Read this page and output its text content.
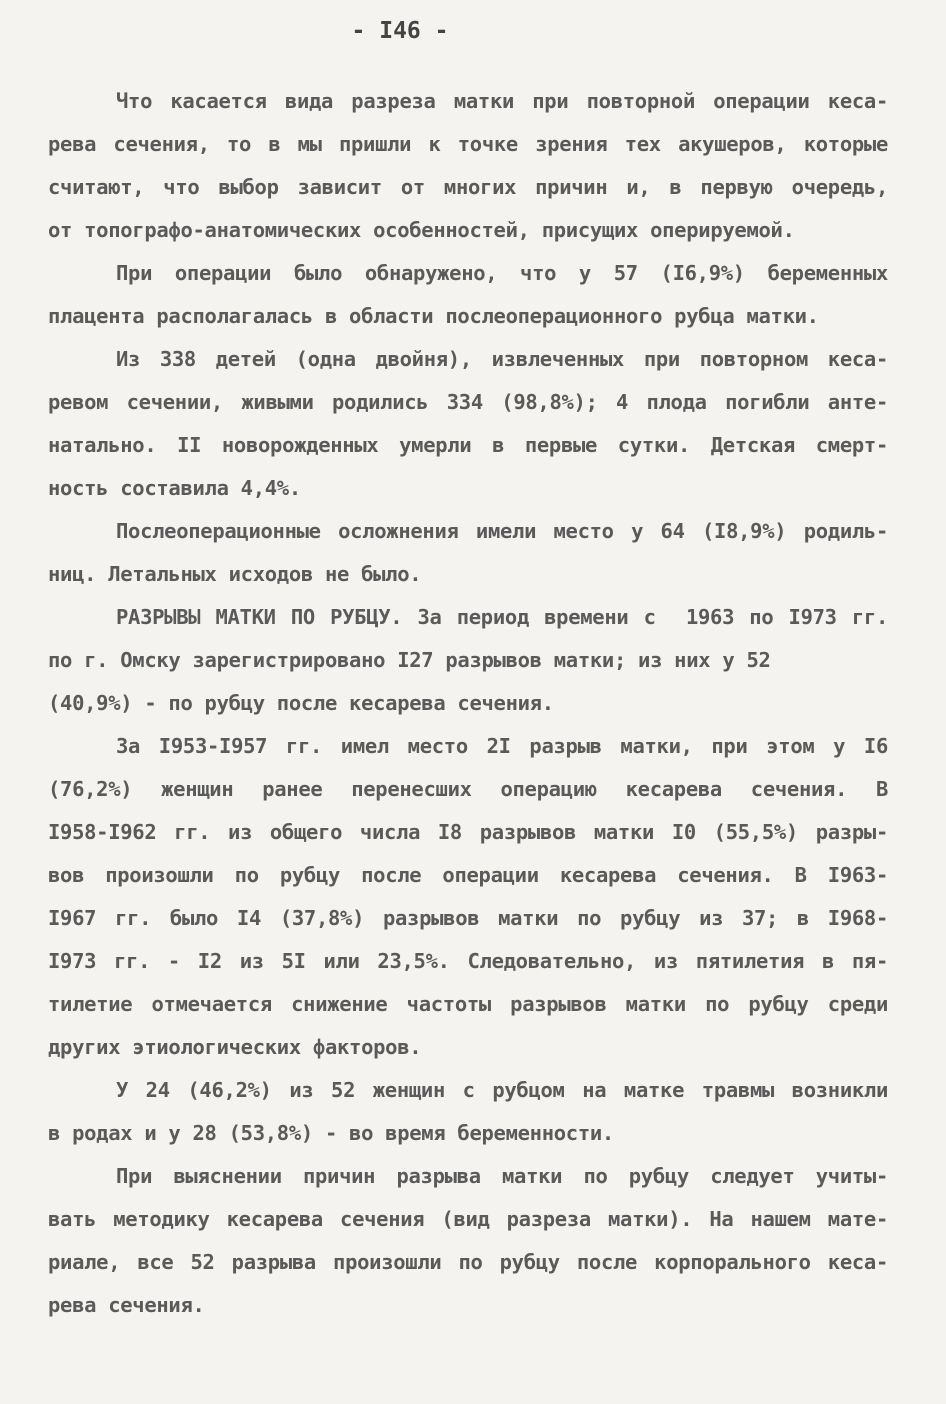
- I46 -
Что касается вида разреза матки при повторной операции кеса-
рева сечения, то в мы пришли к точке зрения тех акушеров, которые
считают, что выбор зависит от многих причин и, в первую очередь,
от топографо-анатомических особенностей, присущих оперируемой.
При операции было обнаружено, что у 57 (I6,9%) беременных
плацента располагалась в области послеоперационного рубца матки.
Из 338 детей (одна двойня), извлеченных при повторном кеса-
ревом сечении, живыми родились 334 (98,8%); 4 плода погибли анте-
натально. II новорожденных умерли в первые сутки. Детская смерт-
ность составила 4,4%.
Послеоперационные осложнения имели место у 64 (I8,9%) родиль-
ниц. Летальных исходов не было.
РАЗРЫВЫ МАТКИ ПО РУБЦУ. За период времени с  1963 по I973 гг.
по г. Омску зарегистрировано I27 разрывов матки; из них у 52
(40,9%) - по рубцу после кесарева сечения.
За I953-I957 гг. имел место 2I разрыв матки, при этом у I6
(76,2%) женщин ранее перенесших операцию кесарева сечения. В
I958-I962 гг. из общего числа I8 разрывов матки I0 (55,5%) разры-
вов произошли по рубцу после операции кесарева сечения. В I963-
I967 гг. было I4 (37,8%) разрывов матки по рубцу из 37; в I968-
I973 гг. - I2 из 5I или 23,5%. Следовательно, из пятилетия в пя-
тилетие отмечается снижение частоты разрывов матки по рубцу среди
других этиологических факторов.
У 24 (46,2%) из 52 женщин с рубцом на матке травмы возникли
в родах и у 28 (53,8%) - во время беременности.
При выяснении причин разрыва матки по рубцу следует учиты-
вать методику кесарева сечения (вид разреза матки). На нашем мате-
риале, все 52 разрыва произошли по рубцу после корпорального кеса-
рева сечения.
